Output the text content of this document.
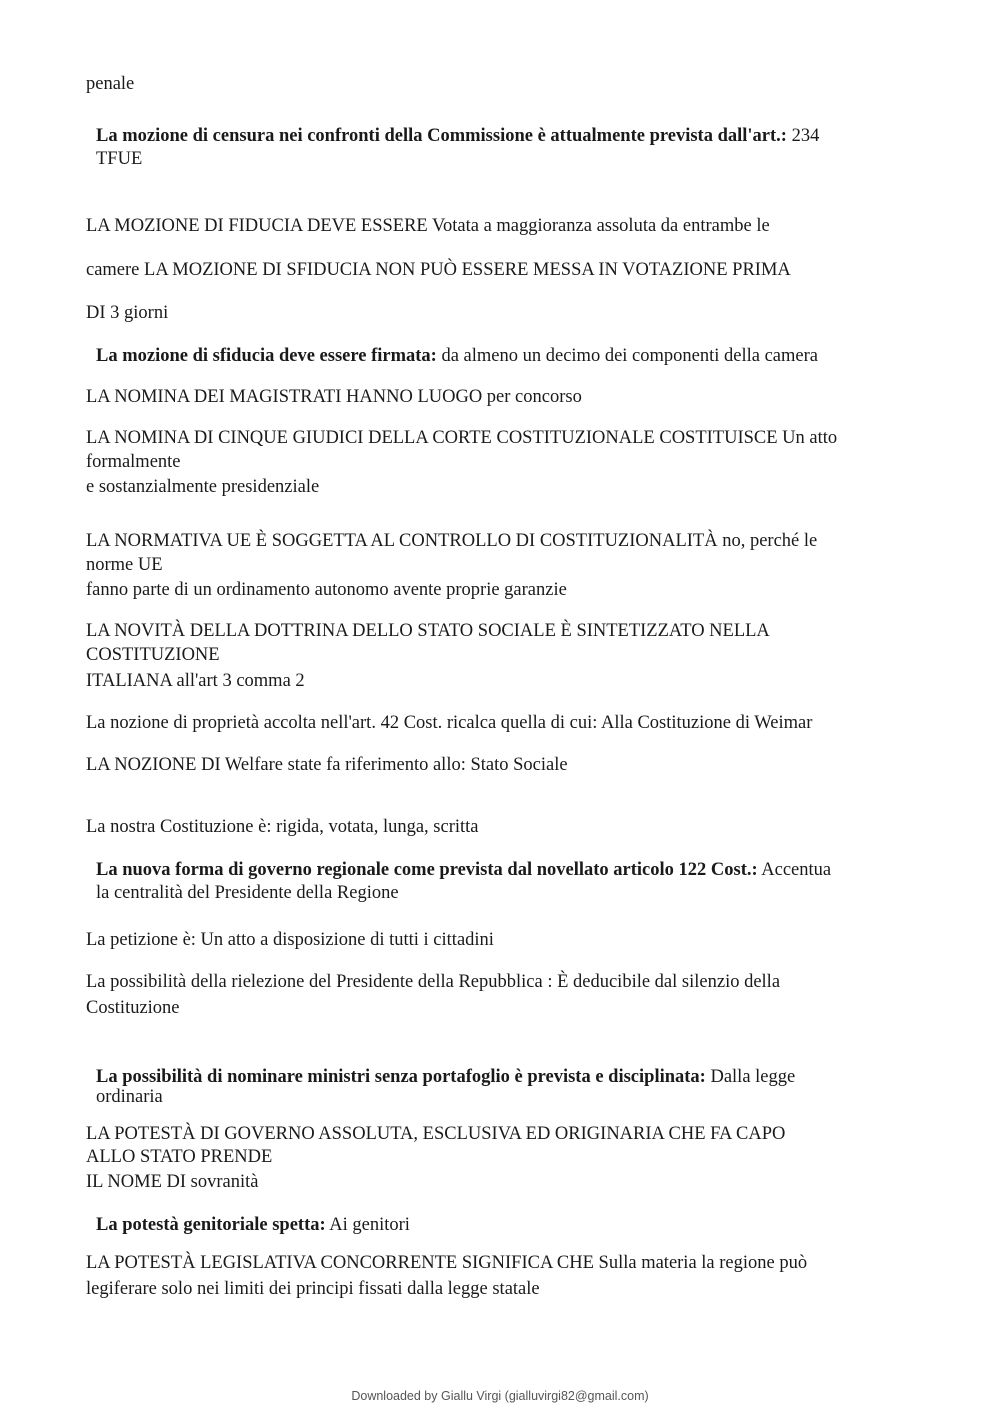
penale
La mozione di censura nei confronti della Commissione è attualmente prevista dall'art.: 234
TFUE
LA MOZIONE DI FIDUCIA DEVE ESSERE Votata a maggioranza assoluta da entrambe le
camere LA MOZIONE DI SFIDUCIA NON PUÒ ESSERE MESSA IN VOTAZIONE PRIMA
DI 3 giorni
La mozione di sfiducia deve essere firmata: da almeno un decimo dei componenti della camera
LA NOMINA DEI MAGISTRATI HANNO LUOGO per concorso
LA NOMINA DI CINQUE GIUDICI DELLA CORTE COSTITUZIONALE COSTITUISCE Un atto
formalmente
e sostanzialmente presidenziale
LA NORMATIVA UE È SOGGETTA AL CONTROLLO DI COSTITUZIONALITÀ no, perché le
norme UE
fanno parte di un ordinamento autonomo avente proprie garanzie
LA NOVITÀ DELLA DOTTRINA DELLO STATO SOCIALE È SINTETIZZATO NELLA
COSTITUZIONE
ITALIANA all'art 3 comma 2
La nozione di proprietà accolta nell'art. 42 Cost. ricalca quella di cui: Alla Costituzione di Weimar
LA NOZIONE DI Welfare state fa riferimento allo: Stato Sociale
La nostra Costituzione è: rigida, votata, lunga, scritta
La nuova forma di governo regionale come prevista dal novellato articolo 122 Cost.: Accentua
la centralità del Presidente della Regione
La petizione è: Un atto a disposizione di tutti i cittadini
La possibilità della rielezione del Presidente della Repubblica : È deducibile dal silenzio della
Costituzione
La possibilità di nominare ministri senza portafoglio è prevista e disciplinata: Dalla legge
ordinaria
LA POTESTÀ DI GOVERNO ASSOLUTA, ESCLUSIVA ED ORIGINARIA CHE FA CAPO
ALLO STATO PRENDE
IL NOME DI sovranità
La potestà genitoriale spetta: Ai genitori
LA POTESTÀ LEGISLATIVA CONCORRENTE SIGNIFICA CHE Sulla materia la regione può
legiferare solo nei limiti dei principi fissati dalla legge statale
Downloaded by Giallu Virgi (gialluvirgi82@gmail.com)
